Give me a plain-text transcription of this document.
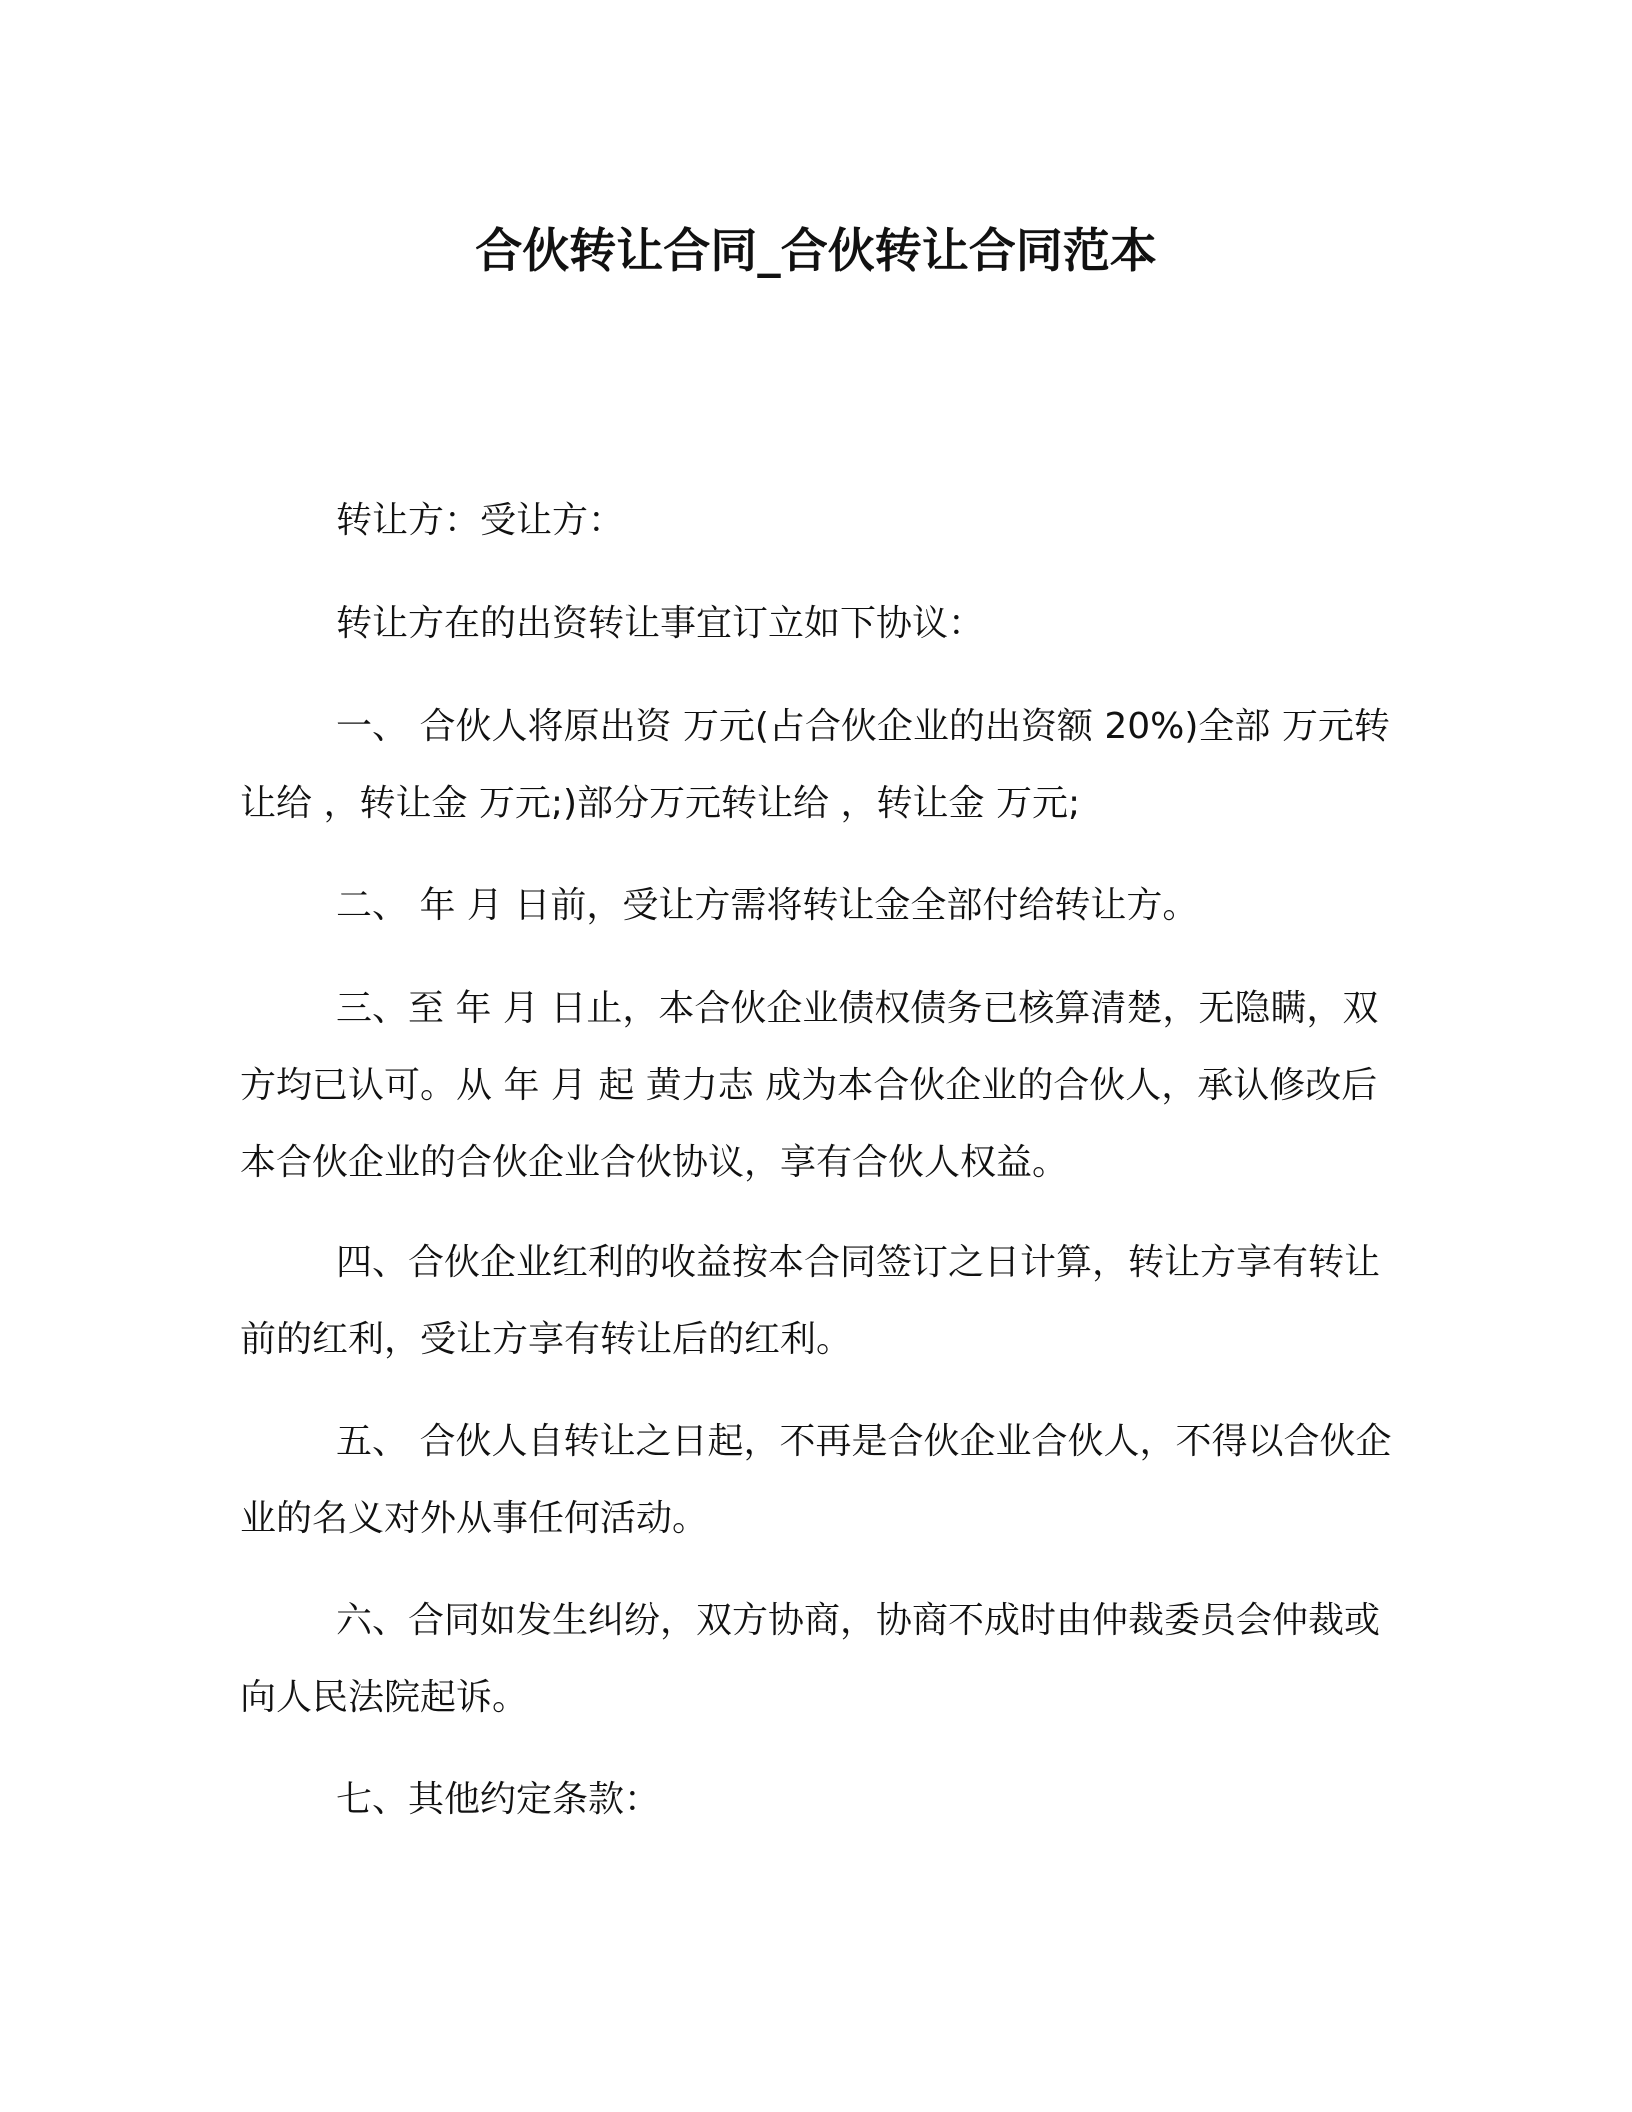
合伙转让合同_合伙转让合同范本

转让方：受让方：

转让方在的出资转让事宜订立如下协议：

一、 合伙人将原出资 万元(占合伙企业的出资额 20%)全部 万元转让给 ，转让金 万元;)部分万元转让给 ，转让金 万元;

二、 年 月 日前，受让方需将转让金全部付给转让方。

三、至 年 月 日止，本合伙企业债权债务已核算清楚，无隐瞒，双方均已认可。从 年 月 起 黄力志 成为本合伙企业的合伙人，承认修改后本合伙企业的合伙企业合伙协议，享有合伙人权益。

四、合伙企业红利的收益按本合同签订之日计算，转让方享有转让前的红利，受让方享有转让后的红利。

五、 合伙人自转让之日起，不再是合伙企业合伙人，不得以合伙企业的名义对外从事任何活动。

六、合同如发生纠纷，双方协商，协商不成时由仲裁委员会仲裁或向人民法院起诉。

七、其他约定条款：
